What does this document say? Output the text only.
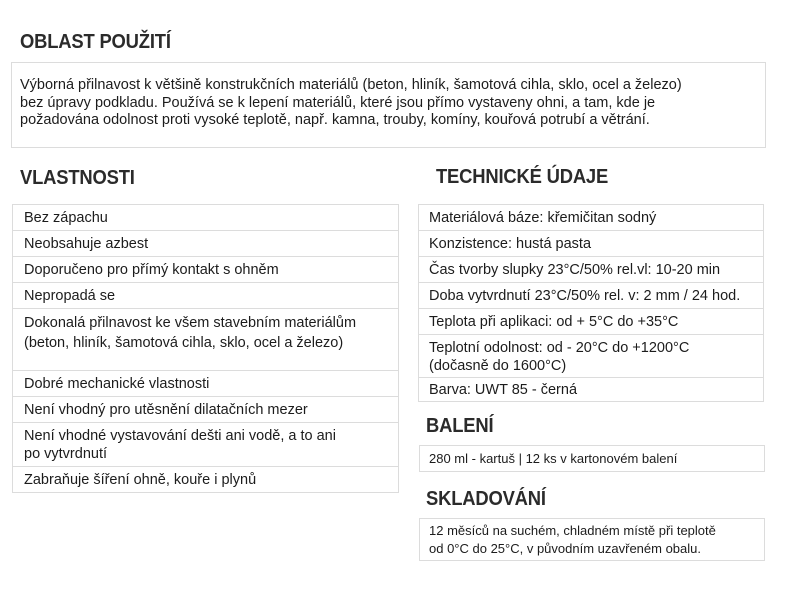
OBLAST POUŽITÍ
Výborná přilnavost k většině konstrukčních materiálů (beton, hliník, šamotová cihla, sklo, ocel a železo)
bez úpravy podkladu. Používá se k lepení materiálů, které jsou přímo vystaveny ohni, a tam, kde je
požadována odolnost proti vysoké teplotě, např. kamna, trouby, komíny, kouřová potrubí a větrání.
VLASTNOSTI
Bez zápachu
Neobsahuje azbest
Doporučeno pro přímý kontakt s ohněm
Nepropadá se
Dokonalá přilnavost ke všem stavebním materiálům
(beton, hliník, šamotová cihla, sklo, ocel a železo)
Dobré mechanické vlastnosti
Není vhodný pro utěsnění dilatačních mezer
Není vhodné vystavování dešti ani vodě, a to ani
po vytvrdnutí
Zabraňuje šíření ohně, kouře i plynů
TECHNICKÉ ÚDAJE
Materiálová báze: křemičitan sodný
Konzistence: hustá pasta
Čas tvorby slupky 23°C/50% rel.vl: 10-20 min
Doba vytvrdnutí 23°C/50% rel. v: 2 mm / 24 hod.
Teplota při aplikaci: od + 5°C do +35°C
Teplotní odolnost: od - 20°C do +1200°C
(dočasně do 1600°C)
Barva: UWT 85 - černá
BALENÍ
280 ml - kartuš | 12 ks v kartonovém balení
SKLADOVÁNÍ
12 měsíců na suchém, chladném místě při teplotě
od 0°C do 25°C, v původním uzavřeném obalu.
